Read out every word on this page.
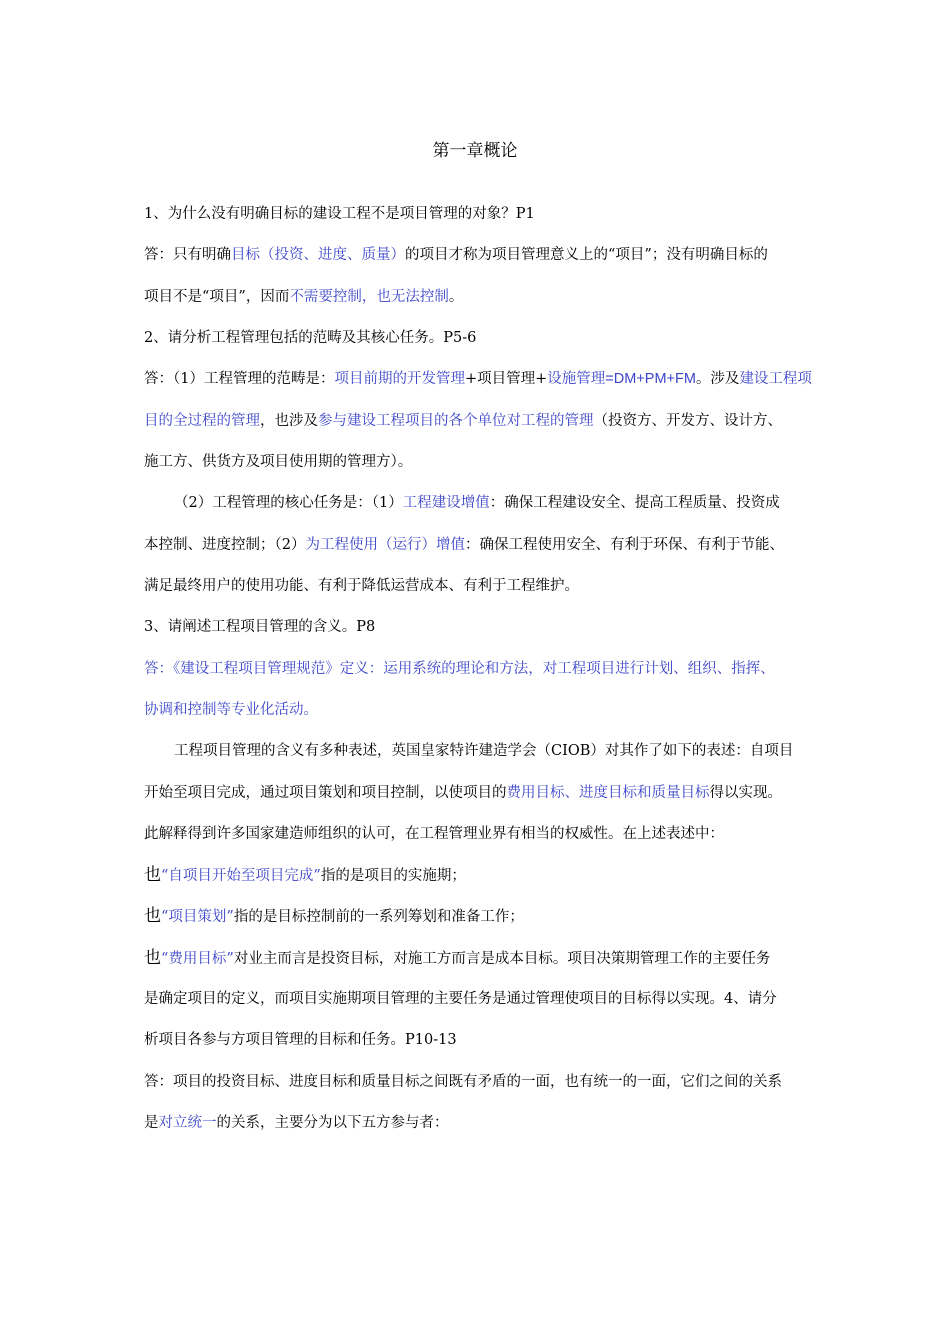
第一章概论
1、为什么没有明确目标的建设工程不是项目管理的对象？P1
答：只有明确目标（投资、进度、质量）的项目才称为项目管理意义上的“项目”；没有明确目标的
项目不是“项目”，因而不需要控制，也无法控制。
2、请分析工程管理包括的范畴及其核心任务。P5-6
答：（1）工程管理的范畴是：项目前期的开发管理+项目管理+设施管理=DM+PM+FM。涉及建设工程项
目的全过程的管理，也涉及参与建设工程项目的各个单位对工程的管理（投资方、开发方、设计方、
施工方、供货方及项目使用期的管理方）。
（2）工程管理的核心任务是：（1）工程建设增值：确保工程建设安全、提高工程质量、投资成
本控制、进度控制；（2）为工程使用（运行）增值：确保工程使用安全、有利于环保、有利于节能、
满足最终用户的使用功能、有利于降低运营成本、有利于工程维护。
3、请阐述工程项目管理的含义。P8
答：《建设工程项目管理规范》定义：运用系统的理论和方法，对工程项目进行计划、组织、指挥、
协调和控制等专业化活动。
工程项目管理的含义有多种表述，英国皇家特许建造学会（CIOB）对其作了如下的表述：自项目
开始至项目完成，通过项目策划和项目控制，以使项目的费用目标、进度目标和质量目标得以实现。
此解释得到许多国家建造师组织的认可，在工程管理业界有相当的权威性。在上述表述中：
也“自项目开始至项目完成”指的是项目的实施期；
也“项目策划”指的是目标控制前的一系列筹划和准备工作；
也“费用目标”对业主而言是投资目标，对施工方而言是成本目标。项目决策期管理工作的主要任务
是确定项目的定义，而项目实施期项目管理的主要任务是通过管理使项目的目标得以实现。4、请分
析项目各参与方项目管理的目标和任务。P10-13
答：项目的投资目标、进度目标和质量目标之间既有矛盾的一面，也有统一的一面，它们之间的关系
是对立统一的关系，主要分为以下五方参与者：
